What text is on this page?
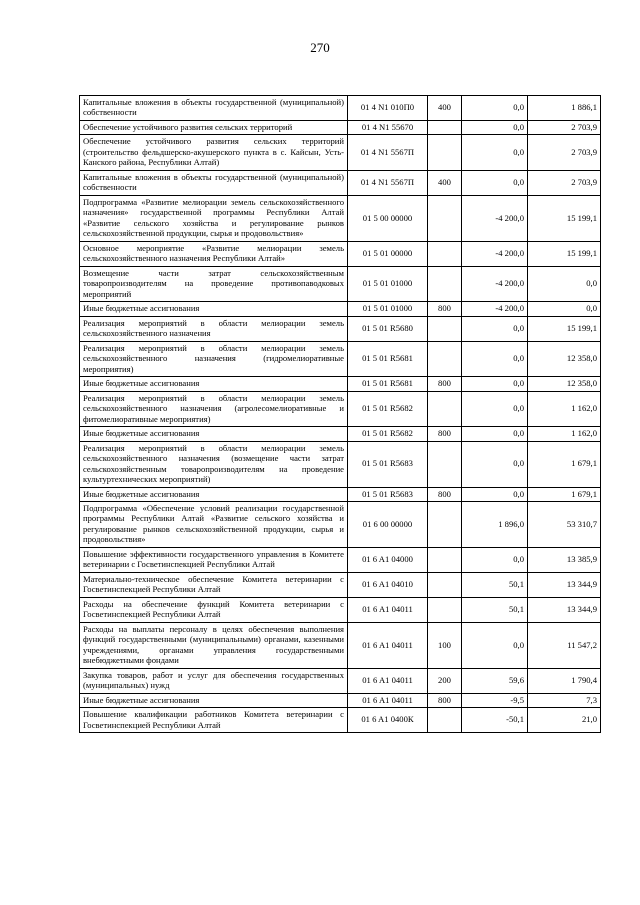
270
Капитальные вложения в объекты государственной (муниципальной) собственности	01 4 N1 010П0	400	0,0	1 886,1
Обеспечение устойчивого развития сельских территорий	01 4 N1 55670		0,0	2 703,9
Обеспечение устойчивого развития сельских территорий (строительство фельдшерско-акушерского пункта в с. Кайсын, Усть-Канского района, Республики Алтай)	01 4 N1 5567П		0,0	2 703,9
Капитальные вложения в объекты государственной (муниципальной) собственности	01 4 N1 5567П	400	0,0	2 703,9
Подпрограмма «Развитие мелиорации земель сельскохозяйственного назначения» государственной программы Республики Алтай «Развитие сельского хозяйства и регулирование рынков сельскохозяйственной продукции, сырья и продовольствия»	01 5 00 00000		-4 200,0	15 199,1
Основное мероприятие «Развитие мелиорации земель сельскохозяйственного назначения Республики Алтай»	01 5 01 00000		-4 200,0	15 199,1
Возмещение части затрат сельскохозяйственным товаропроизводителям на проведение противопаводковых мероприятий	01 5 01 01000		-4 200,0	0,0
Иные бюджетные ассигнования	01 5 01 01000	800	-4 200,0	0,0
Реализация мероприятий в области мелиорации земель сельскохозяйственного назначения	01 5 01 R5680		0,0	15 199,1
Реализация мероприятий в области мелиорации земель сельскохозяйственного назначения (гидромелиоративные мероприятия)	01 5 01 R5681		0,0	12 358,0
Иные бюджетные ассигнования	01 5 01 R5681	800	0,0	12 358,0
Реализация мероприятий в области мелиорации земель сельскохозяйственного назначения (агролесомелиоративные и фитомелиоративные мероприятия)	01 5 01 R5682		0,0	1 162,0
Иные бюджетные ассигнования	01 5 01 R5682	800	0,0	1 162,0
Реализация мероприятий в области мелиорации земель сельскохозяйственного назначения (возмещение части затрат сельскохозяйственным товаропроизводителям на проведение культуртехнических мероприятий)	01 5 01 R5683		0,0	1 679,1
Иные бюджетные ассигнования	01 5 01 R5683	800	0,0	1 679,1
Подпрограмма «Обеспечение условий реализации государственной программы Республики Алтай «Развитие сельского хозяйства и регулирование рынков сельскохозяйственной продукции, сырья и продовольствия»	01 6 00 00000		1 896,0	53 310,7
Повышение эффективности государственного управления в Комитете ветеринарии с Госветинспекцией Республики Алтай	01 6 A1 04000		0,0	13 385,9
Материально-техническое обеспечение Комитета ветеринарии с Госветинспекцией Республики Алтай	01 6 A1 04010		50,1	13 344,9
Расходы на обеспечение функций Комитета ветеринарии с Госветинспекцией Республики Алтай	01 6 A1 04011		50,1	13 344,9
Расходы на выплаты персоналу в целях обеспечения выполнения функций государственными (муниципальными) органами, казенными учреждениями, органами управления государственными внебюджетными фондами	01 6 A1 04011	100	0,0	11 547,2
Закупка товаров, работ и услуг для обеспечения государственных (муниципальных) нужд	01 6 A1 04011	200	59,6	1 790,4
Иные бюджетные ассигнования	01 6 A1 04011	800	-9,5	7,3
Повышение квалификации работников Комитета ветеринарии с Госветинспекцией Республики Алтай	01 6 A1 0400К		-50,1	21,0
